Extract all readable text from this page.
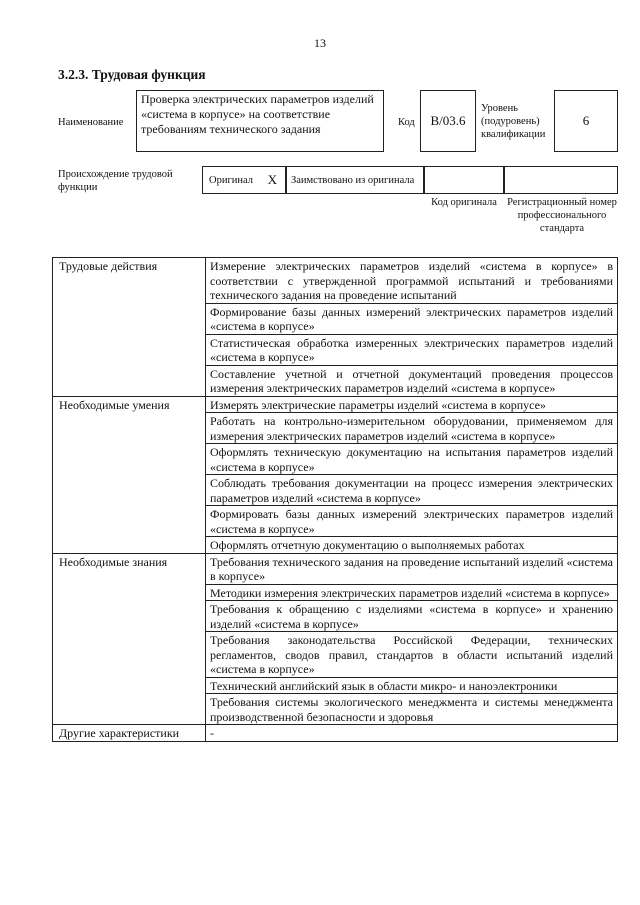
13
3.2.3. Трудовая функция
Наименование
Проверка электрических параметров изделий «система в корпусе» на соответствие требованиям технического задания	Код	B/03.6
Уровень (подуровень) квалификации
6
Происхождение трудовой функции
Оригинал X	Заимствовано из оригинала
Код оригинала Регистрационный номер профессионального стандарта
Трудовые действия	Измерение электрических параметров изделий «система в корпусе» в соответствии с утвержденной программой испытаний и требованиями технического задания на проведение испытаний
	Формирование базы данных измерений электрических параметров изделий «система в корпусе»
	Статистическая обработка измеренных электрических параметров изделий «система в корпусе»
	Составление учетной и отчетной документаций проведения процессов измерения электрических параметров изделий «система в корпусе»
Необходимые умения	Измерять электрические параметры изделий «система в корпусе»
	Работать на контрольно-измерительном оборудовании, применяемом для измерения электрических параметров изделий «система в корпусе»
	Оформлять техническую документацию на испытания параметров изделий «система в корпусе»
	Соблюдать требования документации на процесс измерения электрических параметров изделий «система в корпусе»
	Формировать базы данных измерений электрических параметров изделий «система в корпусе»
	Оформлять отчетную документацию о выполняемых работах
Необходимые знания	Требования технического задания на проведение испытаний изделий «система в корпусе»
	Методики измерения электрических параметров изделий «система в корпусе»
	Требования к обращению с изделиями «система в корпусе» и хранению изделий «система в корпусе»
	Требования законодательства Российской Федерации, технических регламентов, сводов правил, стандартов в области испытаний изделий «система в корпусе»
	Технический английский язык в области микро- и наноэлектроники
	Требования системы экологического менеджмента и системы менеджмента производственной безопасности и здоровья
Другие характеристики	-
